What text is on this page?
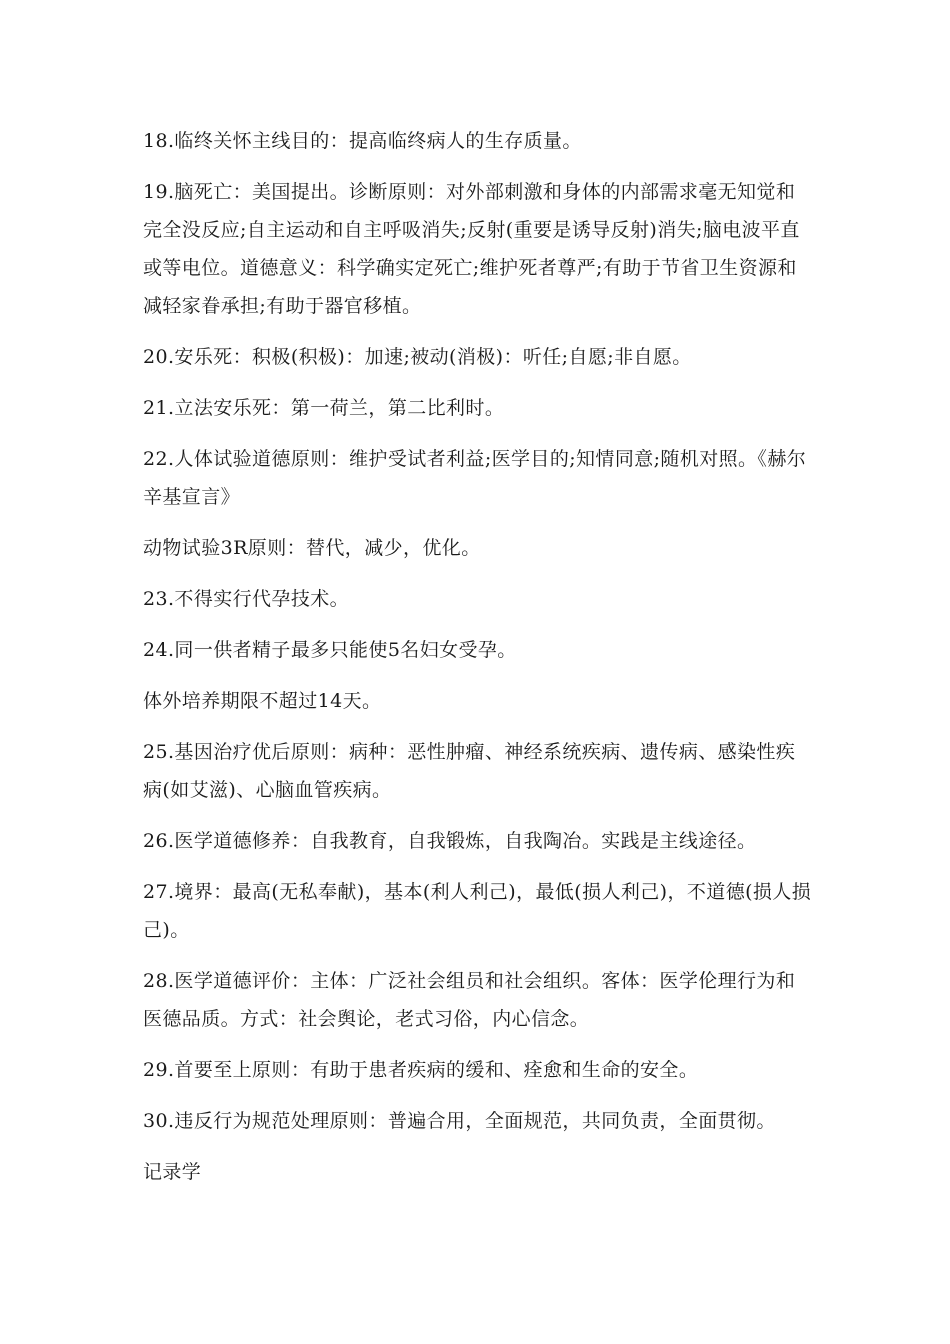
18.临终关怀主线目的：提高临终病人的生存质量。

19.脑死亡：美国提出。诊断原则：对外部刺激和身体的内部需求毫无知觉和完全没反应;自主运动和自主呼吸消失;反射(重要是诱导反射)消失;脑电波平直或等电位。道德意义：科学确实定死亡;维护死者尊严;有助于节省卫生资源和减轻家眷承担;有助于器官移植。

20.安乐死：积极(积极)：加速;被动(消极)：听任;自愿;非自愿。

21.立法安乐死：第一荷兰，第二比利时。

22.人体试验道德原则：维护受试者利益;医学目的;知情同意;随机对照。《赫尔辛基宣言》

动物试验3R原则：替代，减少，优化。

23.不得实行代孕技术。

24.同一供者精子最多只能使5名妇女受孕。

体外培养期限不超过14天。

25.基因治疗优后原则：病种：恶性肿瘤、神经系统疾病、遗传病、感染性疾病(如艾滋)、心脑血管疾病。

26.医学道德修养：自我教育，自我锻炼，自我陶冶。实践是主线途径。

27.境界：最高(无私奉献)，基本(利人利己)，最低(损人利己)，不道德(损人损己)。

28.医学道德评价：主体：广泛社会组员和社会组织。客体：医学伦理行为和医德品质。方式：社会舆论，老式习俗，内心信念。

29.首要至上原则：有助于患者疾病的缓和、痊愈和生命的安全。

30.违反行为规范处理原则：普遍合用，全面规范，共同负责，全面贯彻。

记录学
